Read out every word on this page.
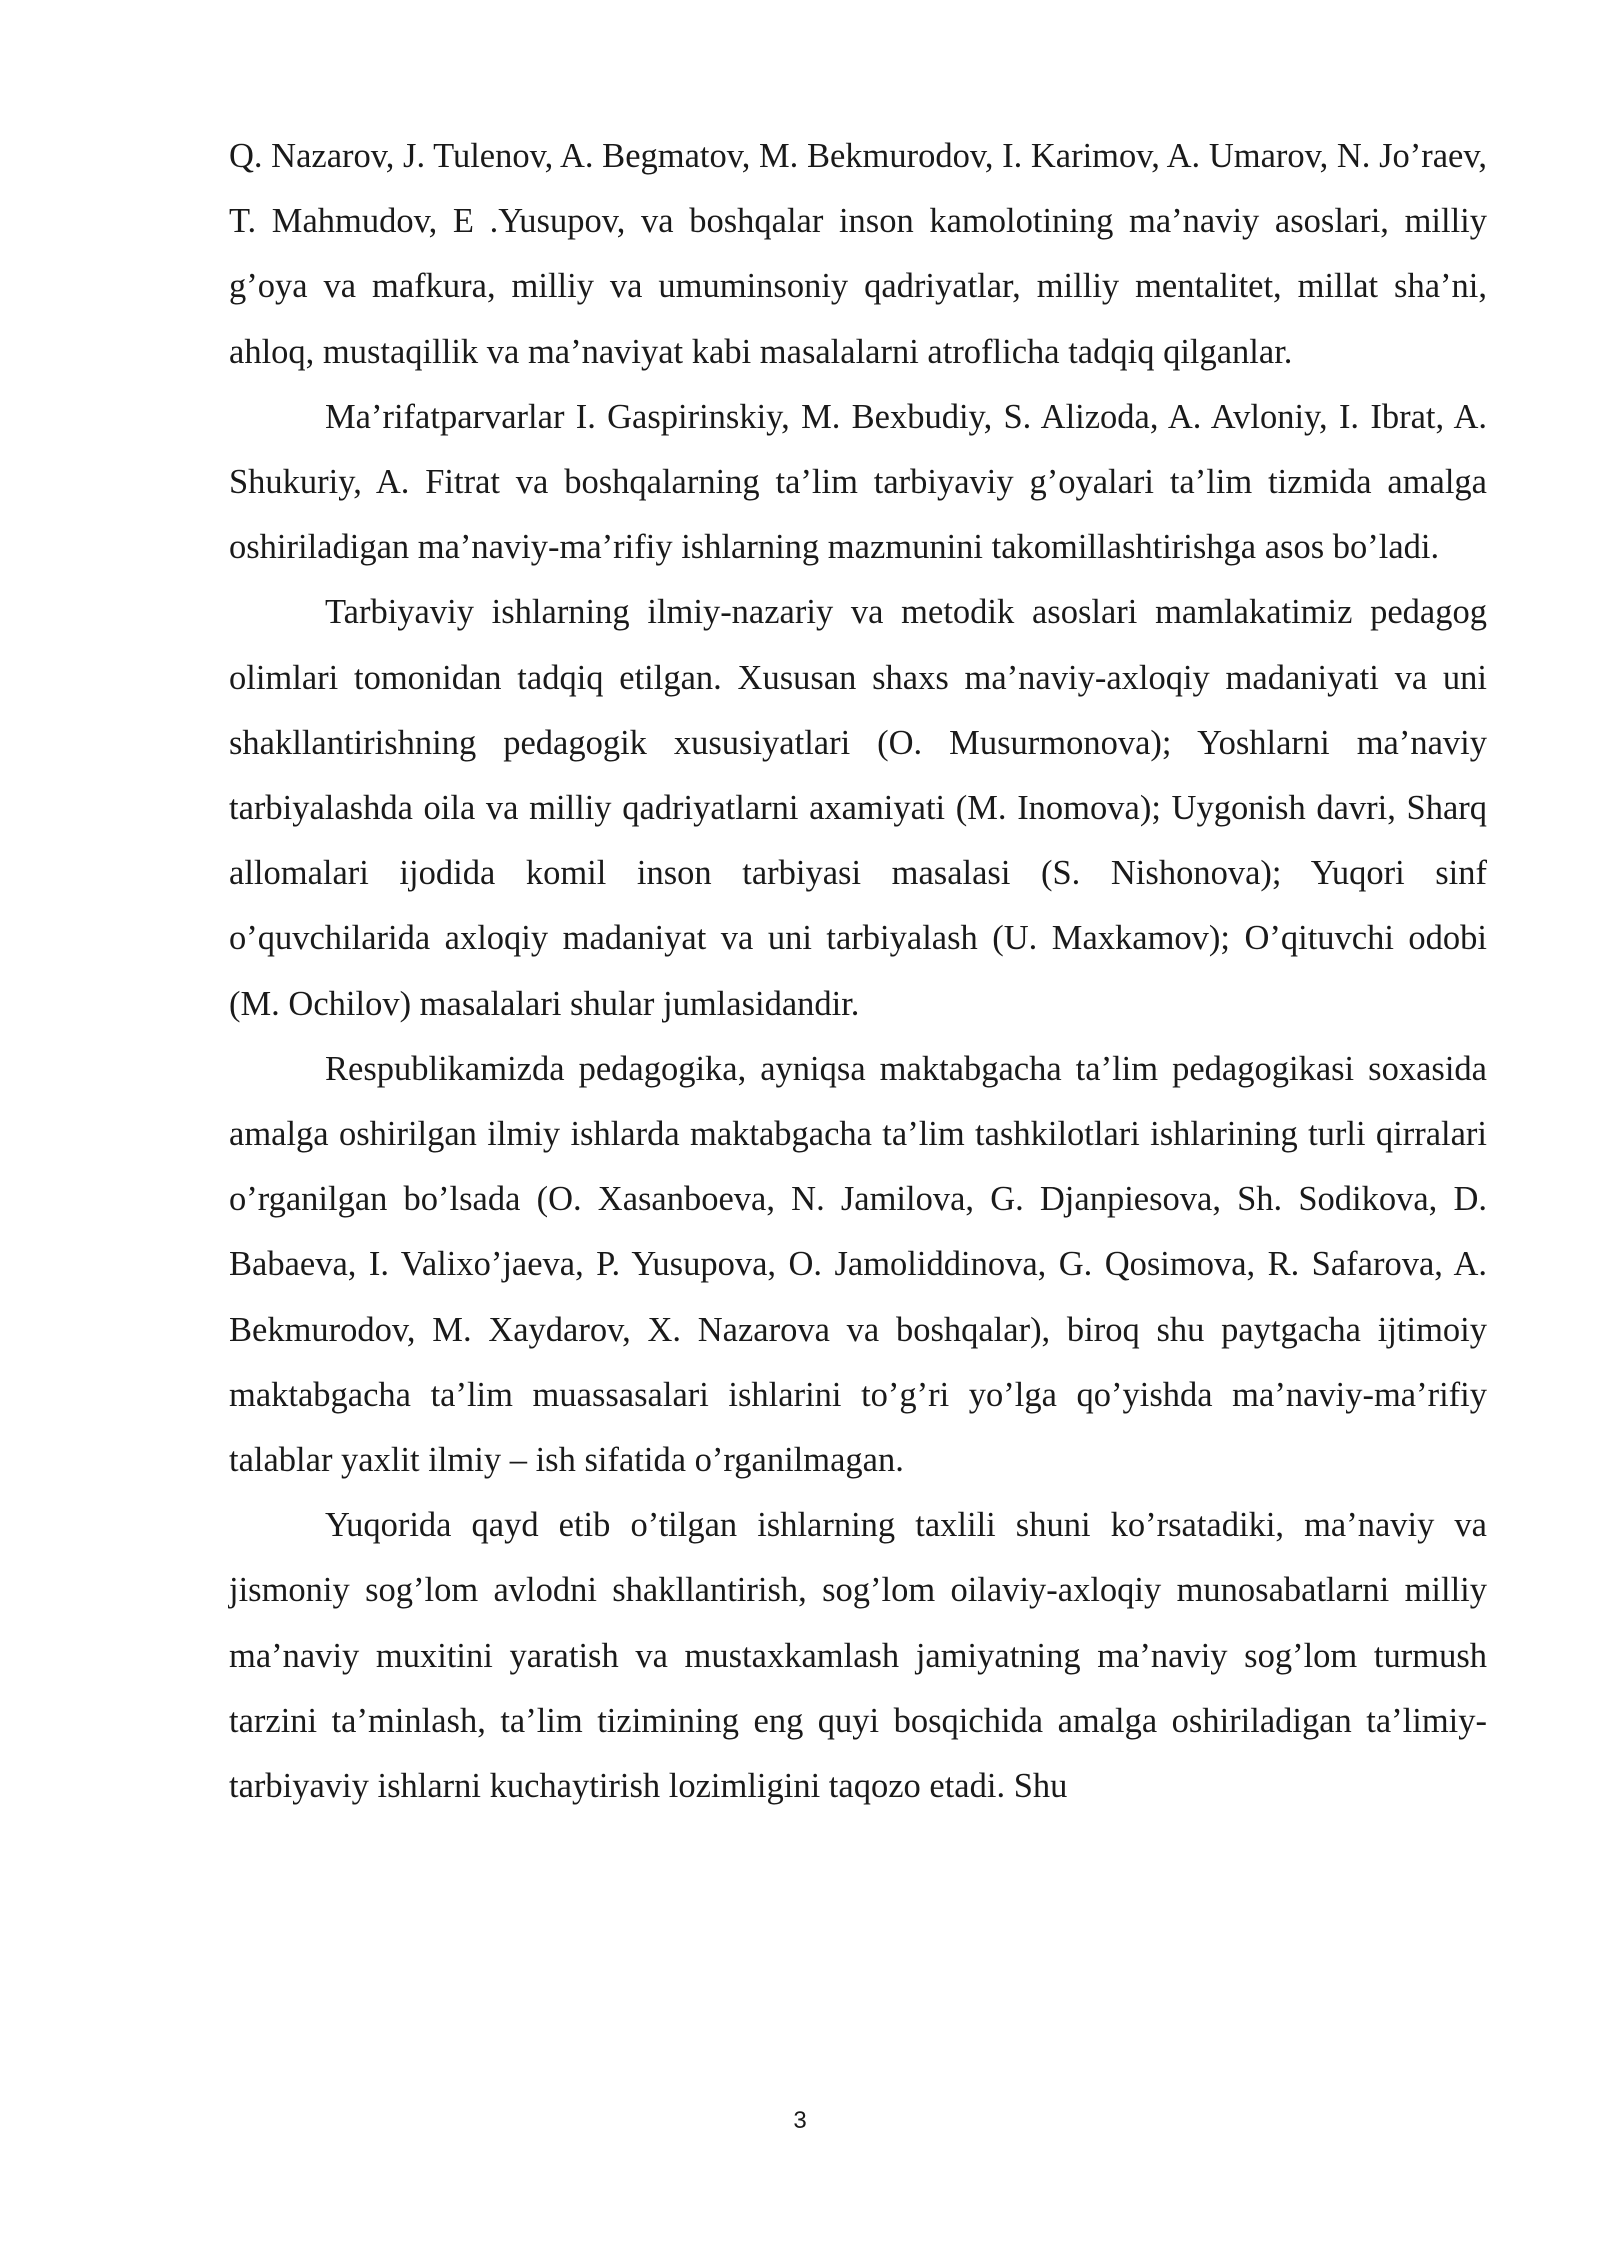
Q. Nazarov, J. Tulenov, A. Begmatov, M. Bekmurodov, I. Karimov, A. Umarov, N. Jo’raev, T. Mahmudov, E .Yusupov, va boshqalar inson kamolotining ma’naviy asoslari, milliy g’oya va mafkura, milliy va umuminsoniy qadriyatlar, milliy mentalitet, millat sha’ni, ahloq, mustaqillik va ma’naviyat kabi masalalarni atroflicha tadqiq qilganlar.

Ma’rifatparvarlar I. Gaspirinskiy, M. Bexbudiy, S. Alizoda, A. Avloniy, I. Ibrat, A. Shukuriy, A. Fitrat va boshqalarning ta’lim tarbiyaviy g’oyalari ta’lim tizmida amalga oshiriladigan ma’naviy-ma’rifiy ishlarning mazmunini takomillashtirishga asos bo’ladi.

Tarbiyaviy ishlarning ilmiy-nazariy va metodik asoslari mamlakatimiz pedagog olimlari tomonidan tadqiq etilgan. Xususan shaxs ma’naviy-axloqiy madaniyati va uni shakllantirishning pedagogik xususiyatlari (O. Musurmonova); Yoshlarni ma’naviy tarbiyalashda oila va milliy qadriyatlarni axamiyati (M. Inomova); Uygonish davri, Sharq allomalari ijodida komil inson tarbiyasi masalasi (S. Nishonova); Yuqori sinf o’quvchilarida axloqiy madaniyat va uni tarbiyalash (U. Maxkamov); O’qituvchi odobi (M. Ochilov) masalalari shular jumlasidandir.

Respublikamizda pedagogika, ayniqsa maktabgacha ta’lim pedagogikasi soxasida amalga oshirilgan ilmiy ishlarda maktabgacha ta’lim tashkilotlari ishlarining turli qirralari o’rganilgan bo’lsada (O. Xasanboeva, N. Jamilova, G. Djanpiesova, Sh. Sodikova, D. Babaeva, I. Valixo’jaeva, P. Yusupova, O. Jamoliddinova, G. Qosimova, R. Safarova, A. Bekmurodov, M. Xaydarov, X. Nazarova va boshqalar), biroq shu paytgacha ijtimoiy maktabgacha ta’lim muassasalari ishlarini to’g’ri yo’lga qo’yishda ma’naviy-ma’rifiy talablar yaxlit ilmiy – ish sifatida o’rganilmagan.

Yuqorida qayd etib o’tilgan ishlarning taxlili shuni ko’rsatadiki, ma’naviy va jismoniy sog’lom avlodni shakllantirish, sog’lom oilaviy-axloqiy munosabatlarni milliy ma’naviy muxitini yaratish va mustaxkamlash jamiyatning ma’naviy sog’lom turmush tarzini ta’minlash, ta’lim tizimining eng quyi bosqichida amalga oshiriladigan ta’limiy-tarbiyaviy ishlarni kuchaytirish lozimligini taqozo etadi. Shu

3
